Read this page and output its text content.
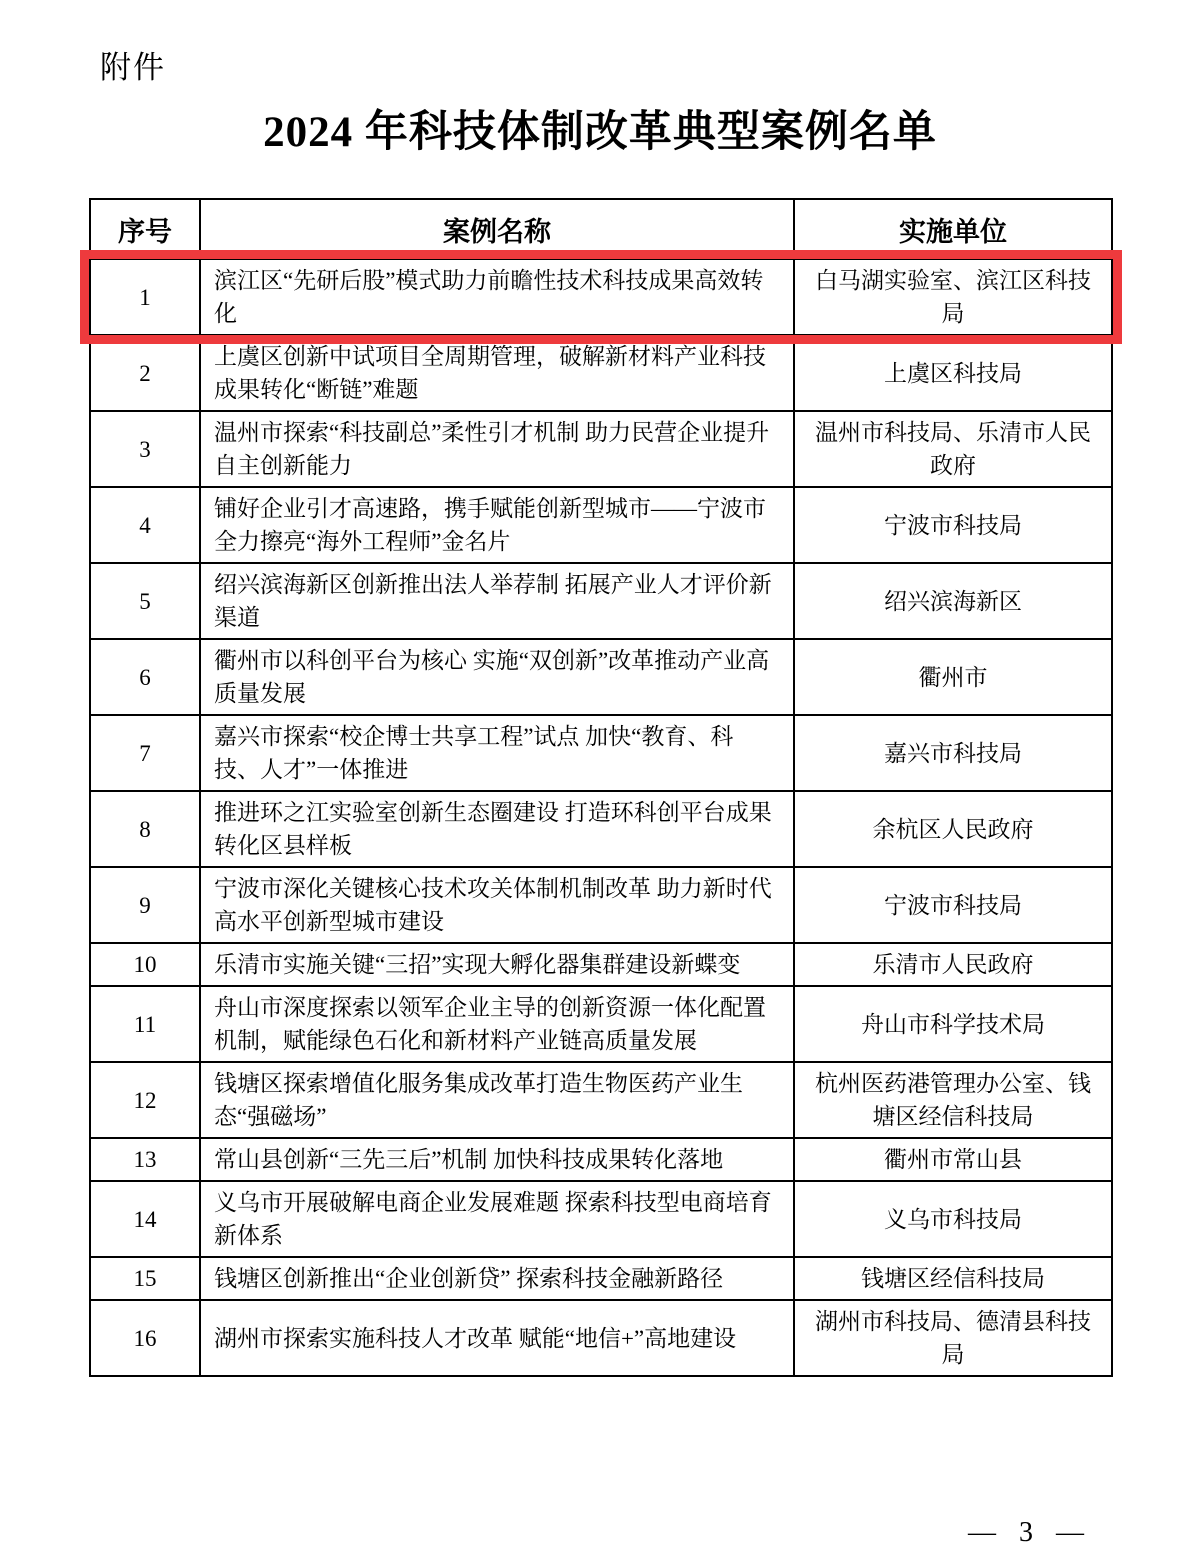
附件
2024 年科技体制改革典型案例名单
序号	案例名称	实施单位
1	滨江区“先研后股”模式助力前瞻性技术科技成果高效转化	白马湖实验室、滨江区科技局
2	上虞区创新中试项目全周期管理，破解新材料产业科技成果转化“断链”难题	上虞区科技局
3	温州市探索“科技副总”柔性引才机制 助力民营企业提升自主创新能力	温州市科技局、乐清市人民政府
4	铺好企业引才高速路，携手赋能创新型城市——宁波市全力擦亮“海外工程师”金名片	宁波市科技局
5	绍兴滨海新区创新推出法人举荐制 拓展产业人才评价新渠道	绍兴滨海新区
6	衢州市以科创平台为核心 实施“双创新”改革推动产业高质量发展	衢州市
7	嘉兴市探索“校企博士共享工程”试点 加快“教育、科技、人才”一体推进	嘉兴市科技局
8	推进环之江实验室创新生态圈建设 打造环科创平台成果转化区县样板	余杭区人民政府
9	宁波市深化关键核心技术攻关体制机制改革 助力新时代高水平创新型城市建设	宁波市科技局
10	乐清市实施关键“三招”实现大孵化器集群建设新蝶变	乐清市人民政府
11	舟山市深度探索以领军企业主导的创新资源一体化配置机制，赋能绿色石化和新材料产业链高质量发展	舟山市科学技术局
12	钱塘区探索增值化服务集成改革打造生物医药产业生态“强磁场”	杭州医药港管理办公室、钱塘区经信科技局
13	常山县创新“三先三后”机制 加快科技成果转化落地	衢州市常山县
14	义乌市开展破解电商企业发展难题 探索科技型电商培育新体系	义乌市科技局
15	钱塘区创新推出“企业创新贷” 探索科技金融新路径	钱塘区经信科技局
16	湖州市探索实施科技人才改革 赋能“地信+”高地建设	湖州市科技局、德清县科技局
— 3 —
